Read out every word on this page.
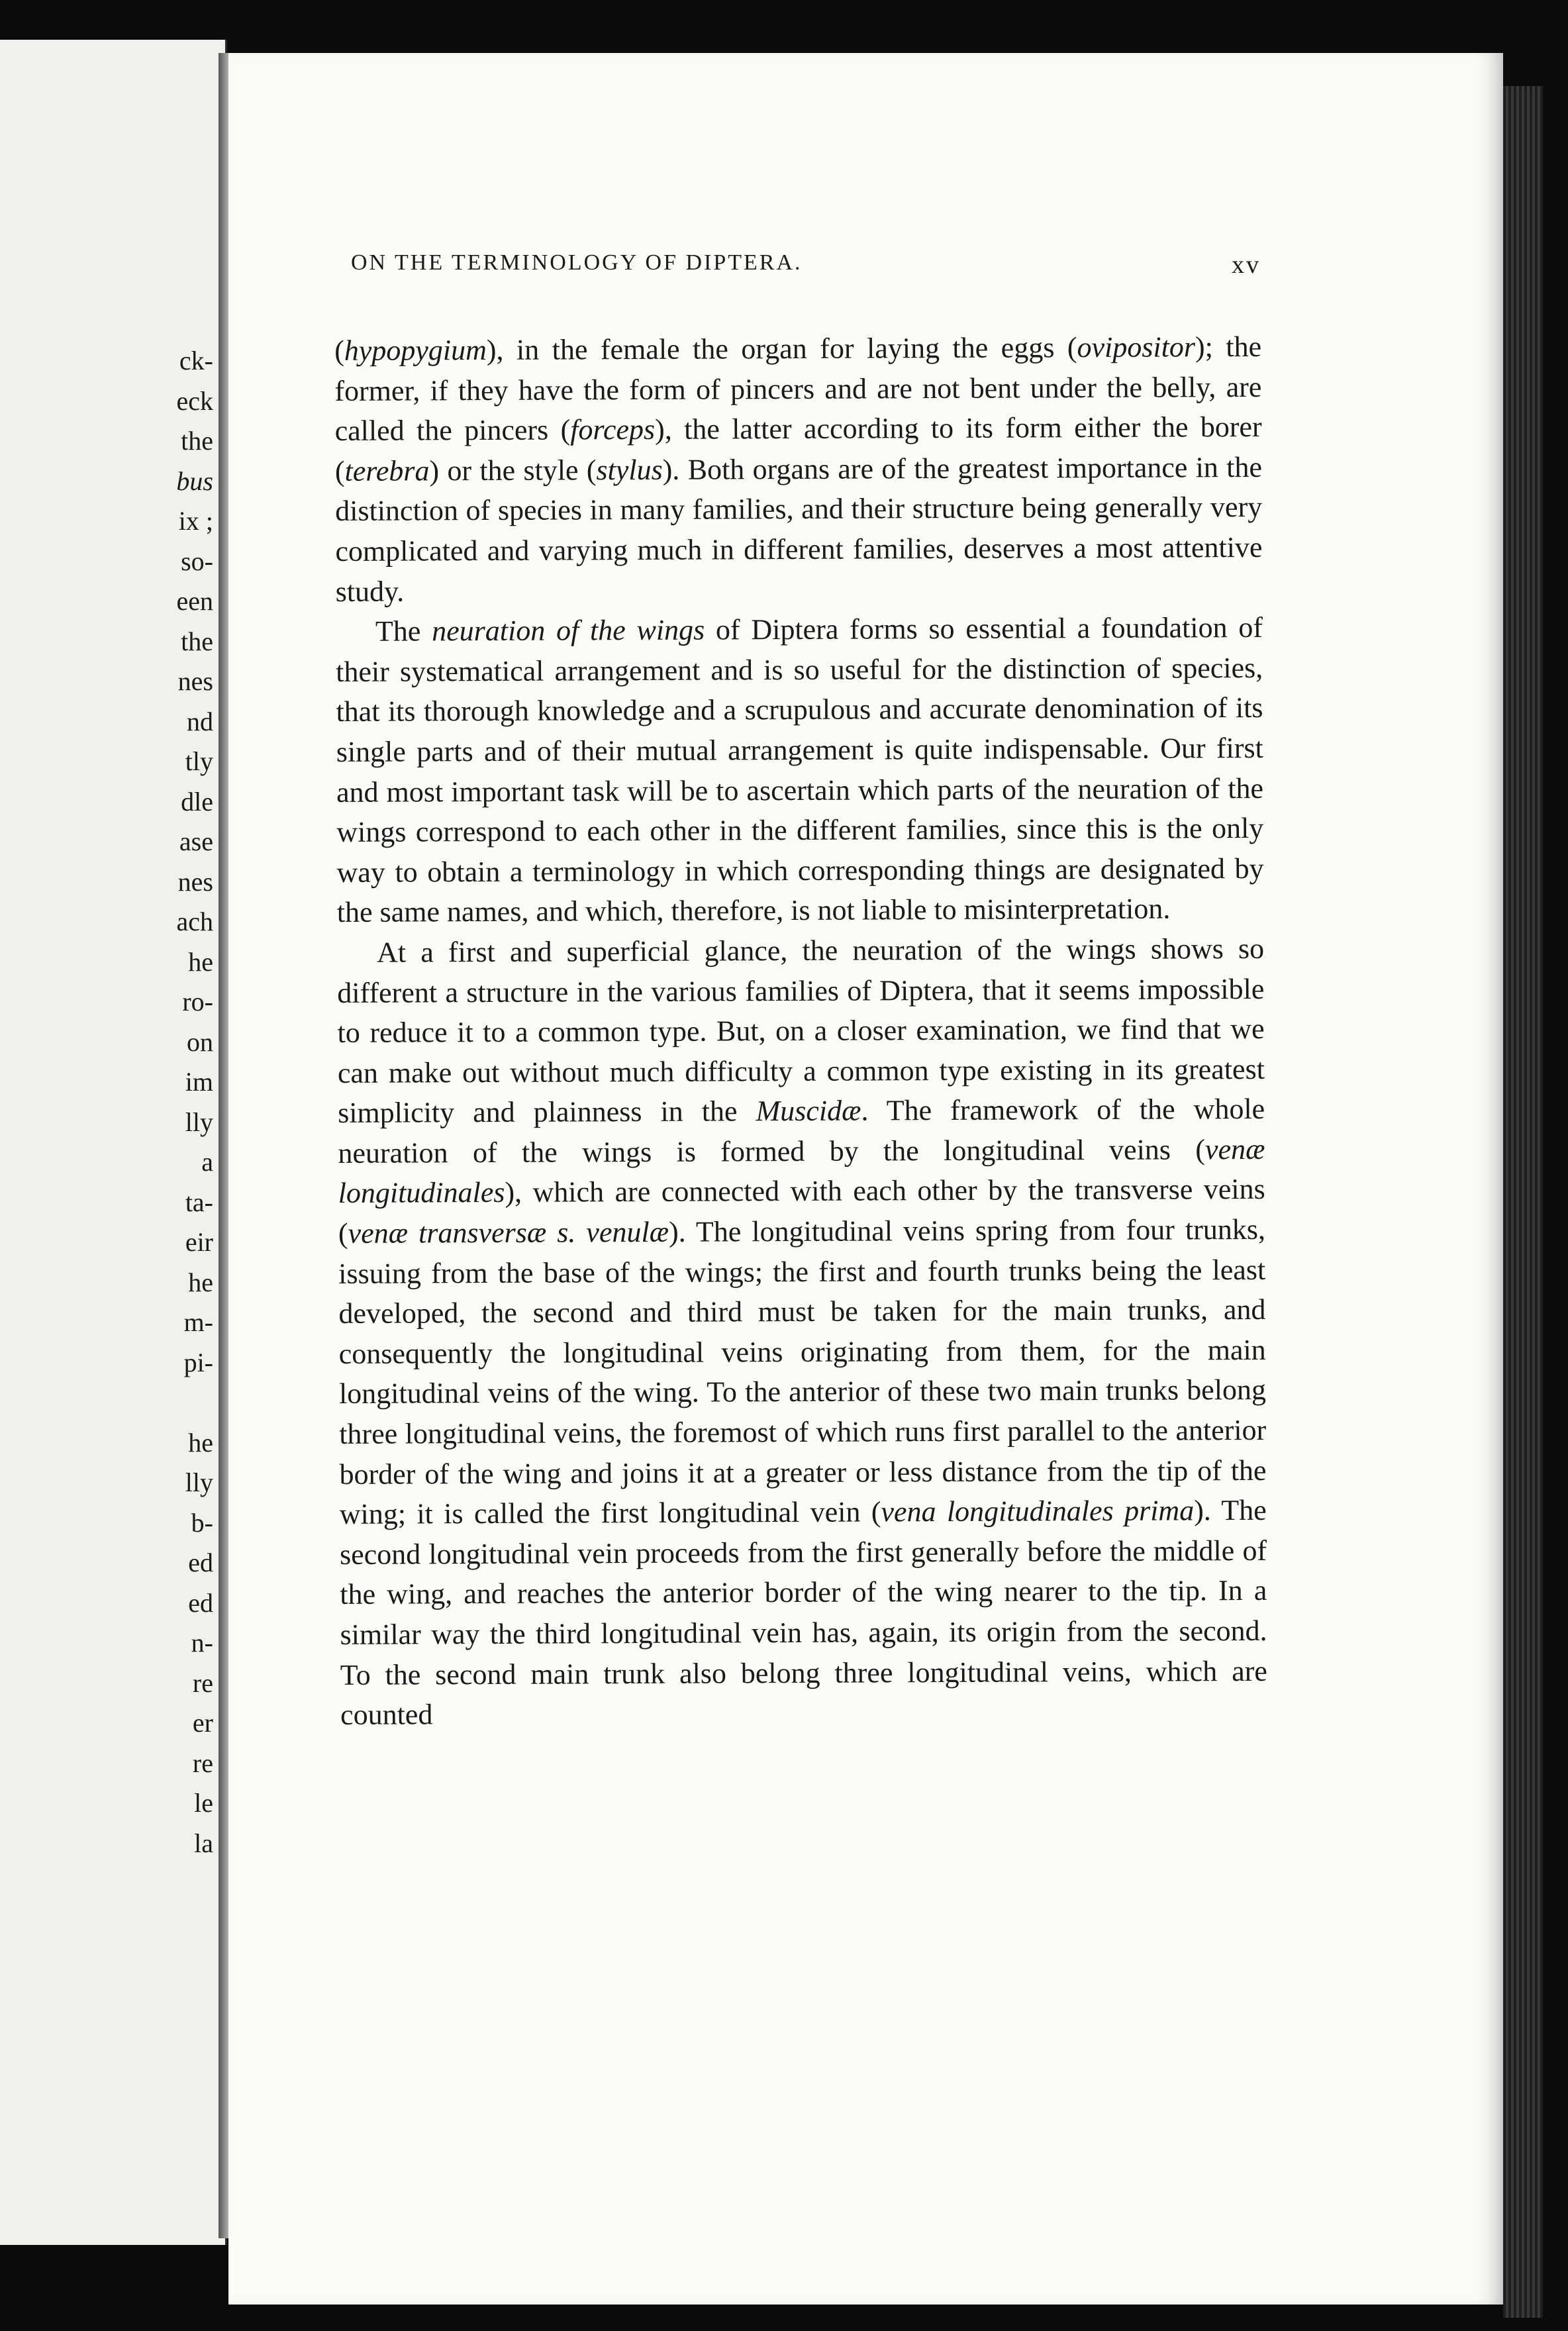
ck-
eck
the
bus
ix ;
so-
een
the
nes
nd
tly
dle
ase
nes
ach
he
ro-
on
im
lly
a
ta-
eir
he
m-
pi-

he
lly
b-
ed
ed
n-
re
er
re
le
la
ON THE TERMINOLOGY OF DIPTERA.	xv

(hypopygium), in the female the organ for laying the eggs (ovipositor); the former, if they have the form of pincers and are not bent under the belly, are called the pincers (forceps), the latter according to its form either the borer (terebra) or the style (stylus). Both organs are of the greatest importance in the distinction of species in many families, and their structure being generally very complicated and varying much in different families, deserves a most attentive study.

The neuration of the wings of Diptera forms so essential a foundation of their systematical arrangement and is so useful for the distinction of species, that its thorough knowledge and a scrupulous and accurate denomination of its single parts and of their mutual arrangement is quite indispensable. Our first and most important task will be to ascertain which parts of the neuration of the wings correspond to each other in the different families, since this is the only way to obtain a terminology in which corresponding things are designated by the same names, and which, therefore, is not liable to misinterpretation.

At a first and superficial glance, the neuration of the wings shows so different a structure in the various families of Diptera, that it seems impossible to reduce it to a common type. But, on a closer examination, we find that we can make out without much difficulty a common type existing in its greatest simplicity and plainness in the Muscidæ. The framework of the whole neuration of the wings is formed by the longitudinal veins (venæ longitudinales), which are connected with each other by the transverse veins (venæ transversæ s. venulæ). The longitudinal veins spring from four trunks, issuing from the base of the wings; the first and fourth trunks being the least developed, the second and third must be taken for the main trunks, and consequently the longitudinal veins originating from them, for the main longitudinal veins of the wing. To the anterior of these two main trunks belong three longitudinal veins, the foremost of which runs first parallel to the anterior border of the wing and joins it at a greater or less distance from the tip of the wing; it is called the first longitudinal vein (vena longitudinales prima). The second longitudinal vein proceeds from the first generally before the middle of the wing, and reaches the anterior border of the wing nearer to the tip. In a similar way the third longitudinal vein has, again, its origin from the second. To the second main trunk also belong three longitudinal veins, which are counted
